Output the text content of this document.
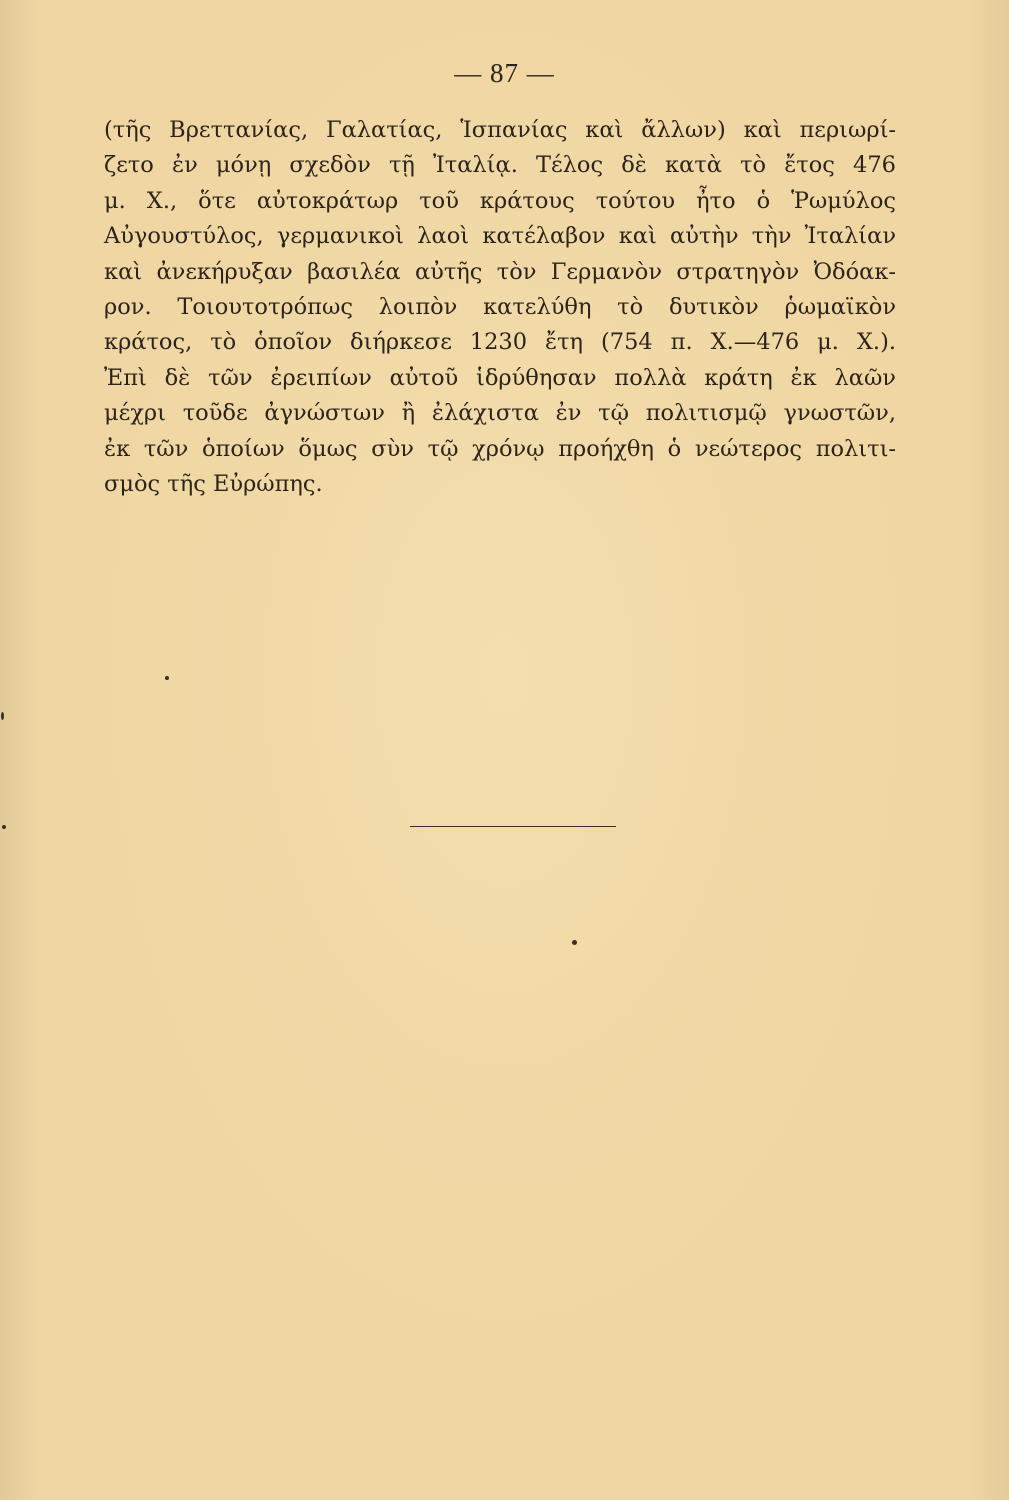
— 87 —
(τῆς Βρεττανίας, Γαλατίας, Ἱσπανίας καὶ ἄλλων) καὶ περιωρί-
ζετο ἐν μόνῃ σχεδὸν τῇ Ἰταλίᾳ. Τέλος δὲ κατὰ τὸ ἔτος 476
μ. Χ., ὅτε αὐτοκράτωρ τοῦ κράτους τούτου ἦτο ὁ Ῥωμύλος
Αὐγουστύλος, γερμανικοὶ λαοὶ κατέλαβον καὶ αὐτὴν τὴν Ἰταλίαν
καὶ ἀνεκήρυξαν βασιλέα αὐτῆς τὸν Γερμανὸν στρατηγὸν Ὀδόακ-
ρον. Τοιουτοτρόπως λοιπὸν κατελύθη τὸ δυτικὸν ῥωμαϊκὸν
κράτος, τὸ ὁποῖον διήρκεσε 1230 ἔτη (754 π. Χ.—476 μ. Χ.).
Ἐπὶ δὲ τῶν ἐρειπίων αὐτοῦ ἱδρύθησαν πολλὰ κράτη ἐκ λαῶν
μέχρι τοῦδε ἀγνώστων ἢ ἐλάχιστα ἐν τῷ πολιτισμῷ γνωστῶν,
ἐκ τῶν ὁποίων ὅμως σὺν τῷ χρόνῳ προήχθη ὁ νεώτερος πολιτι-
σμὸς τῆς Εὐρώπης.
